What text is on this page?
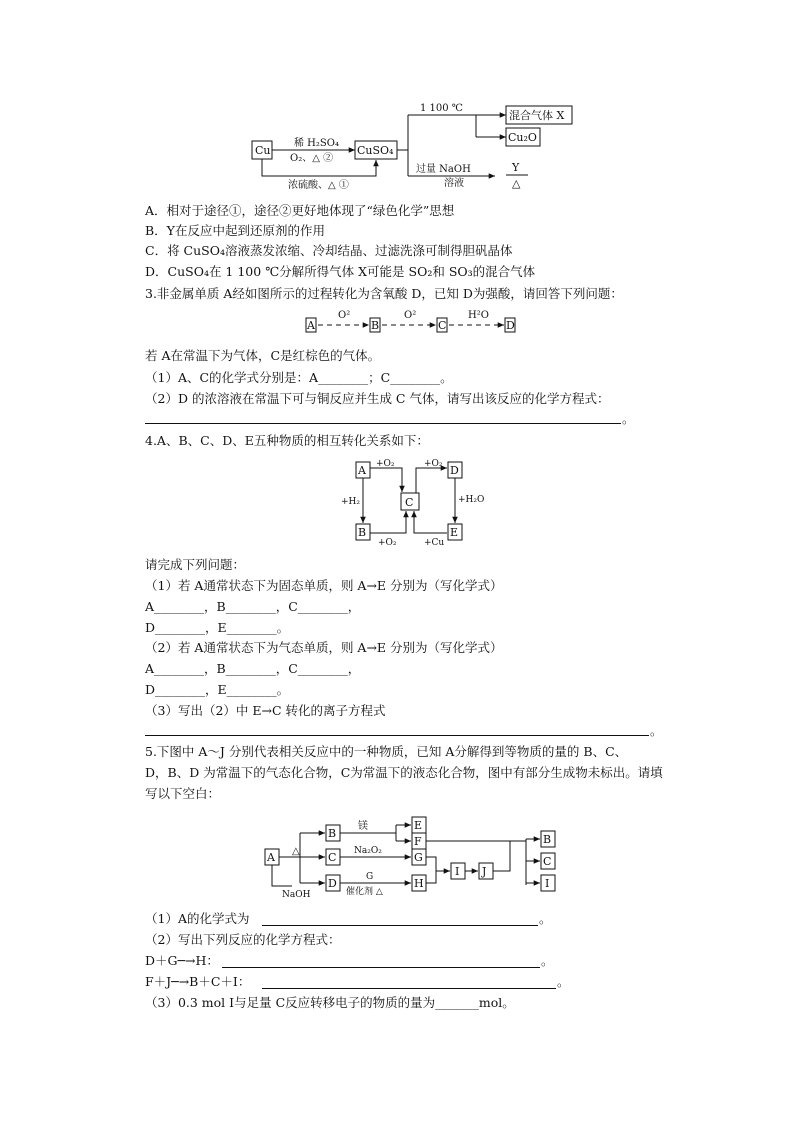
Cu	CuSO₄
稀 H₂SO₄
O₂、△ ②
浓硫酸、△ ①
1 100 ℃
混合气体 X
Cu₂O
过量 NaOH
溶液
Y
△
A．相对于途径①，途径②更好地体现了“绿色化学”思想
B．Y在反应中起到还原剂的作用
C．将 CuSO₄溶液蒸发浓缩、冷却结晶、过滤洗涤可制得胆矾晶体
D．CuSO₄在 1 100 ℃分解所得气体 X可能是 SO₂和 SO₃的混合气体
3.非金属单质 A经如图所示的过程转化为含氧酸 D，已知 D为强酸，请回答下列问题：
A	B	C	D
O²	O²	H²O
若 A在常温下为气体，C是红棕色的气体。
（1）A、C的化学式分别是：A________；C________。
（2）D 的浓溶液在常温下可与铜反应并生成 C 气体，请写出该反应的化学方程式：
。
4.A、B、C、D、E五种物质的相互转化关系如下：
A	D
C
B	E
+O₂	+O₂
+H₂	+H₂O
+O₂	+Cu
请完成下列问题：
（1）若 A通常状态下为固态单质，则 A→E 分别为（写化学式）
A________，B________，C________，
D________，E________。
（2）若 A通常状态下为气态单质，则 A→E 分别为（写化学式）
A________，B________，C________，
D________，E________。
（3）写出（2）中 E→C 转化的离子方程式
。
5.下图中 A～J 分别代表相关反应中的一种物质，已知 A分解得到等物质的量的 B、C、
D，B、D 为常温下的气态化合物，C为常温下的液态化合物，图中有部分生成物未标出。请填
写以下空白：
A
B
C
D
△
NaOH
E
F
G
H
镁
Na₂O₂
G
催化剂 △
I J
B
C
I
（1）A的化学式为	。
（2）写出下列反应的化学方程式：
D＋G─→H：	。
F＋J─→B＋C＋I：	。
（3）0.3 mol I与足量 C反应转移电子的物质的量为_______mol。
